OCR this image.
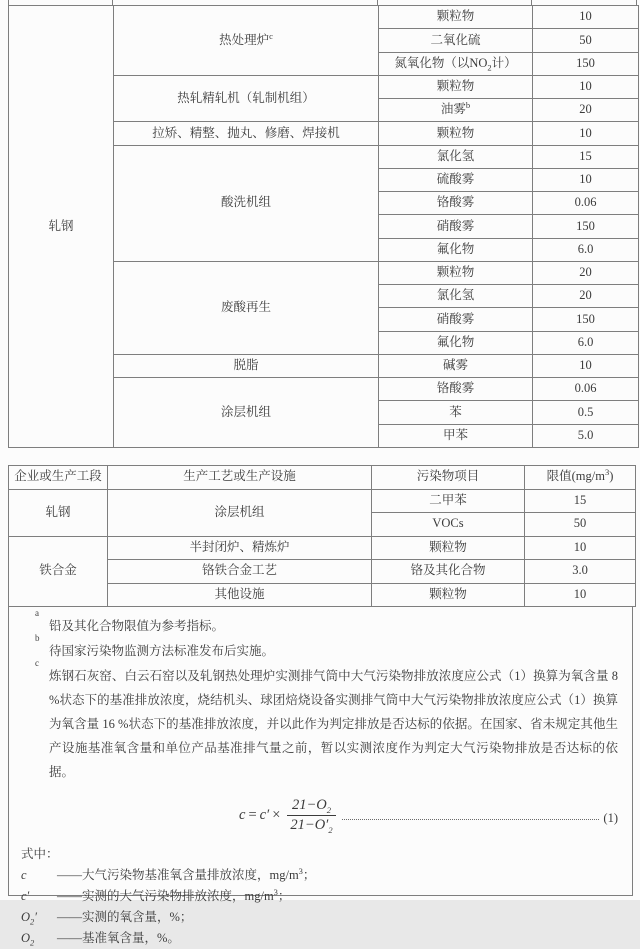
轧钢	热处理炉$^c$	颗粒物	10
		二氧化硫	50
		氮氧化物（以$NO_2$计）	150
	热轧精轧机（轧制机组）	颗粒物	10
		油雾$^b$	20
	拉矫、精整、抛丸、修磨、焊接机	颗粒物	10
	酸洗机组	氯化氢	15
		硫酸雾	10
		铬酸雾	0.06
		硝酸雾	150
		氟化物	6.0
	废酸再生	颗粒物	20
		氯化氢	20
		硝酸雾	150
		氟化物	6.0
	脱脂	碱雾	10
	涂层机组	铬酸雾	0.06
		苯	0.5
		甲苯	5.0
企业或生产工段	生产工艺或生产设施	污染物项目	限值$(mg/m^3)$
轧钢	涂层机组	二甲苯	15
		VOCs	50
铁合金	半封闭炉、精炼炉	颗粒物	10
	铬铁合金工艺	铬及其化合物	3.0
	其他设施	颗粒物	10
a
铅及其化合物限值为参考指标。
b
待国家污染物监测方法标准发布后实施。
c
炼钢石灰窑、白云石窑以及轧钢热处理炉实测排气筒中大气污染物排放浓度应公式（1）换算为氧含量 8 %状态下的基准排放浓度，烧结机头、球团焙烧设备实测排气筒中大气污染物排放浓度应公式（1）换算为氧含量 16 %状态下的基准排放浓度，并以此作为判定排放是否达标的依据。在国家、省未规定其他生产设施基准氧含量和单位产品基准排气量之前，暂以实测浓度作为判定大气污染物排放是否达标的依据。
$c = c' \times \frac{21-O_2}{21-O'_2}$	(1)
式中：
c	——大气污染物基准氧含量排放浓度，$mg/m^3$；
c′	——实测的大气污染物排放浓度，$mg/m^3$；
$O_2'$	——实测的氧含量，%；
$O_2$	——基准氧含量，%。
